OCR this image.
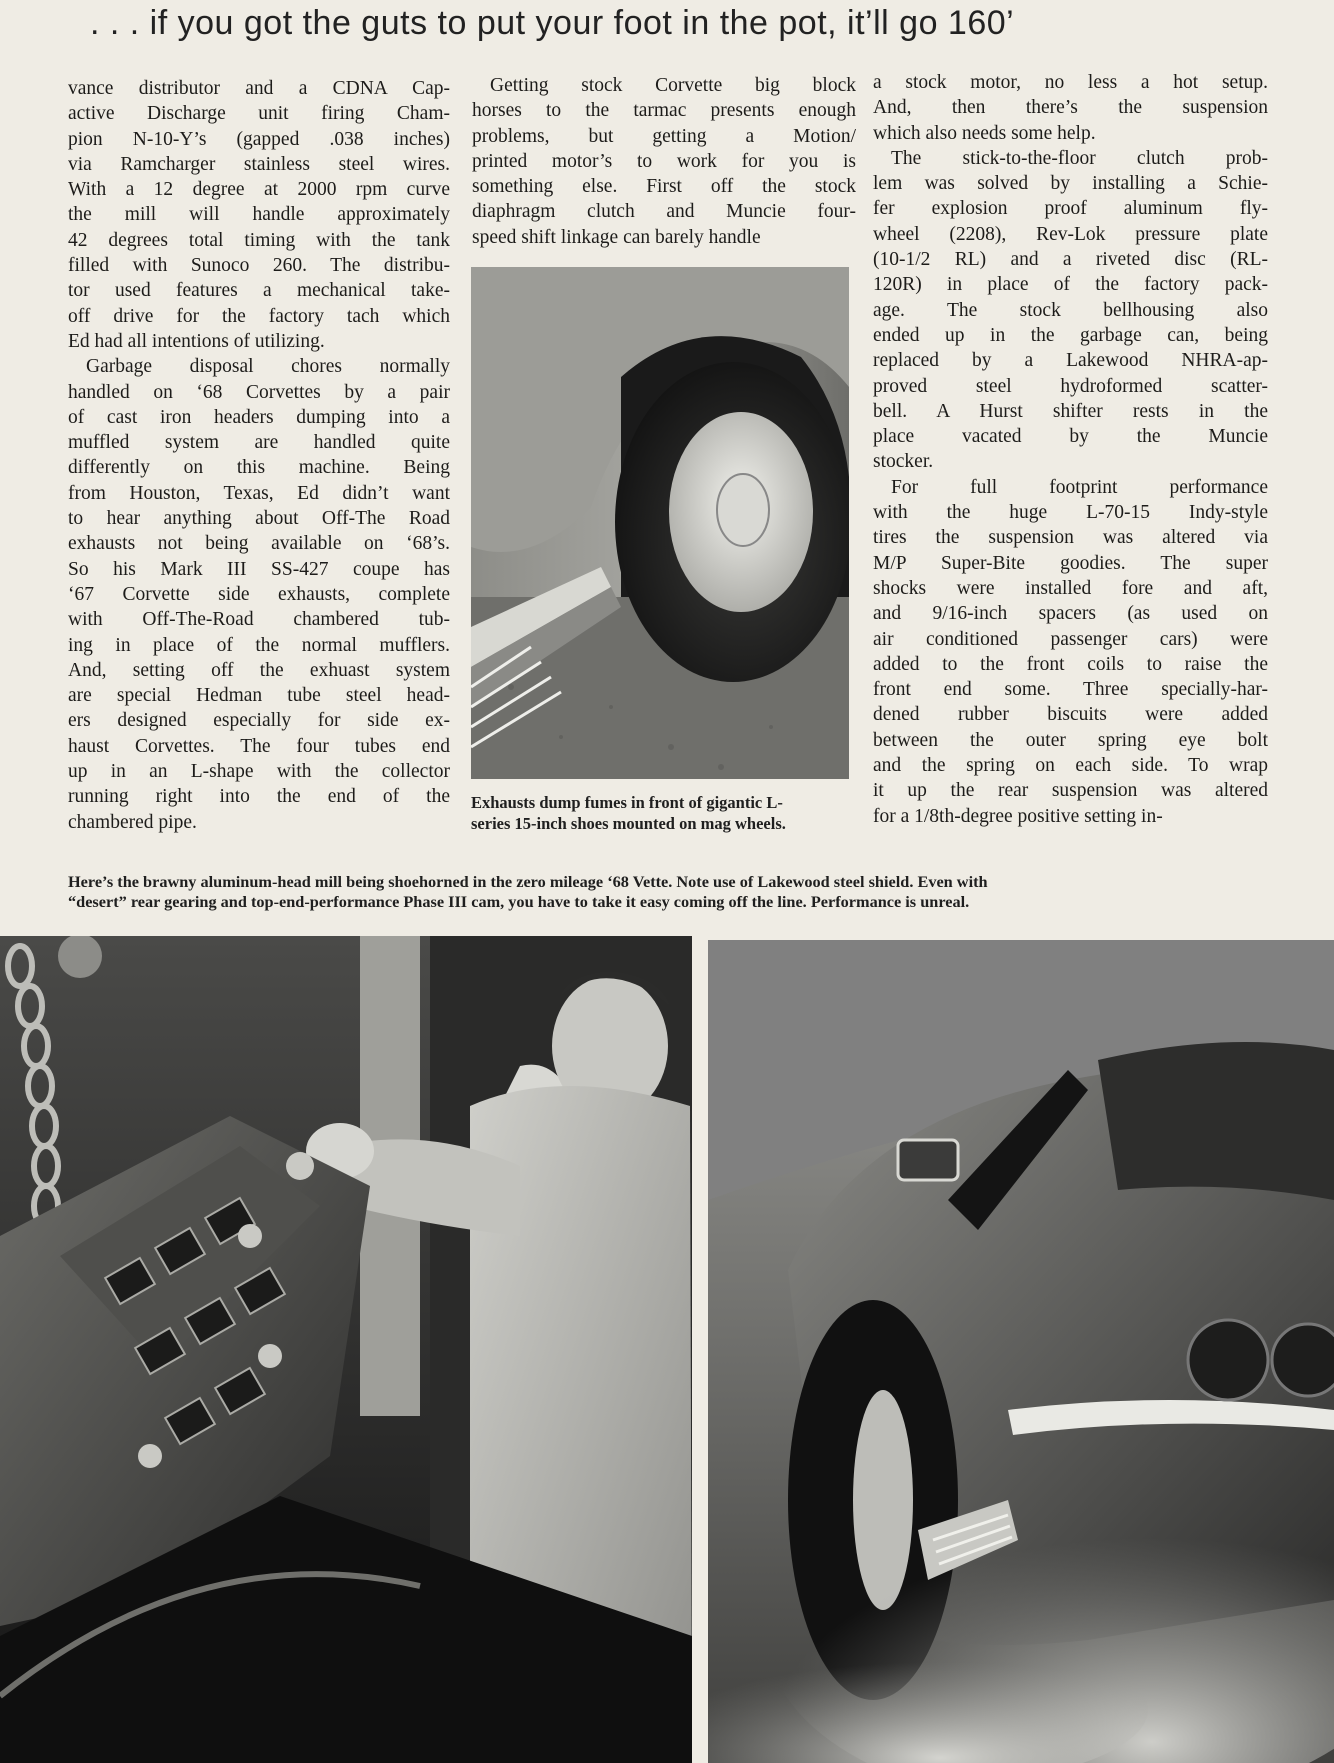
. . . if you got the guts to put your foot in the pot, it’ll go 160’
vance distributor and a CDNA Cap-
active Discharge unit firing Cham-
pion N-10-Y’s (gapped .038 inches)
via Ramcharger stainless steel wires.
With a 12 degree at 2000 rpm curve
the mill will handle approximately
42 degrees total timing with the tank
filled with Sunoco 260. The distribu-
tor used features a mechanical take-
off drive for the factory tach which
Ed had all intentions of utilizing.
Garbage disposal chores normally
handled on ‘68 Corvettes by a pair
of cast iron headers dumping into a
muffled system are handled quite
differently on this machine. Being
from Houston, Texas, Ed didn’t want
to hear anything about Off-The Road
exhausts not being available on ‘68’s.
So his Mark III SS-427 coupe has
‘67 Corvette side exhausts, complete
with Off-The-Road chambered tub-
ing in place of the normal mufflers.
And, setting off the exhuast system
are special Hedman tube steel head-
ers designed especially for side ex-
haust Corvettes. The four tubes end
up in an L-shape with the collector
running right into the end of the
chambered pipe.
Getting stock Corvette big block
horses to the tarmac presents enough
problems, but getting a Motion/
printed motor’s to work for you is
something else. First off the stock
diaphragm clutch and Muncie four-
speed shift linkage can barely handle
a stock motor, no less a hot setup.
And, then there’s the suspension
which also needs some help.
The stick-to-the-floor clutch prob-
lem was solved by installing a Schie-
fer explosion proof aluminum fly-
wheel (2208), Rev-Lok pressure plate
(10-1/2 RL) and a riveted disc (RL-
120R) in place of the factory pack-
age. The stock bellhousing also
ended up in the garbage can, being
replaced by a Lakewood NHRA-ap-
proved steel hydroformed scatter-
bell. A Hurst shifter rests in the
place vacated by the Muncie
stocker.
For full footprint performance
with the huge L-70-15 Indy-style
tires the suspension was altered via
M/P Super-Bite goodies. The super
shocks were installed fore and aft,
and 9/16-inch spacers (as used on
air conditioned passenger cars) were
added to the front coils to raise the
front end some. Three specially-har-
dened rubber biscuits were added
between the outer spring eye bolt
and the spring on each side. To wrap
it up the rear suspension was altered
for a 1/8th-degree positive setting in-
Exhausts dump fumes in front of gigantic L-
series 15-inch shoes mounted on mag wheels.
Here’s the brawny aluminum-head mill being shoehorned in the zero mileage ‘68 Vette. Note use of Lakewood steel shield. Even with
“desert” rear gearing and top-end-performance Phase III cam, you have to take it easy coming off the line. Performance is unreal.
